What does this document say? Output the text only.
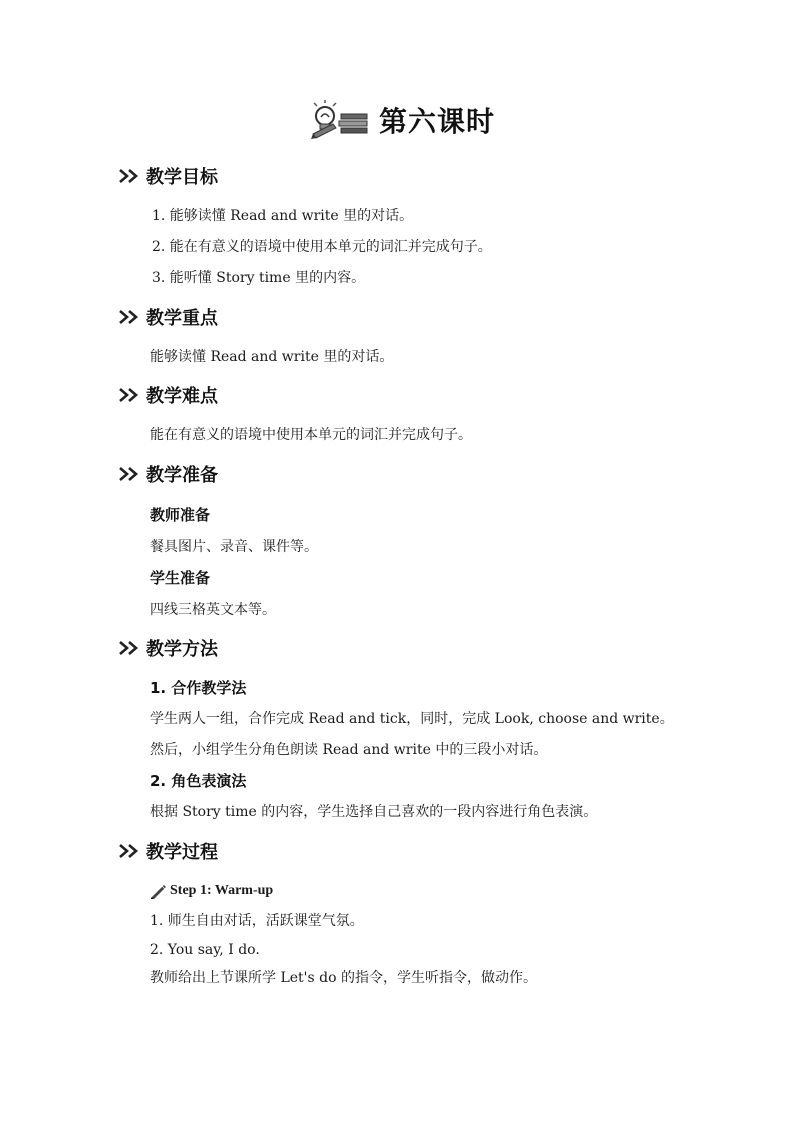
第六课时
教学目标
1. 能够读懂 Read and write 里的对话。
2. 能在有意义的语境中使用本单元的词汇并完成句子。
3. 能听懂 Story time 里的内容。
教学重点
能够读懂 Read and write 里的对话。
教学难点
能在有意义的语境中使用本单元的词汇并完成句子。
教学准备
教师准备
餐具图片、录音、课件等。
学生准备
四线三格英文本等。
教学方法
1. 合作教学法
学生两人一组，合作完成 Read and tick，同时，完成 Look, choose and write。
然后，小组学生分角色朗读 Read and write 中的三段小对话。
2. 角色表演法
根据 Story time 的内容，学生选择自己喜欢的一段内容进行角色表演。
教学过程
Step 1: Warm-up
1. 师生自由对话，活跃课堂气氛。
2. You say, I do.
教师给出上节课所学 Let's do 的指令，学生听指令，做动作。
